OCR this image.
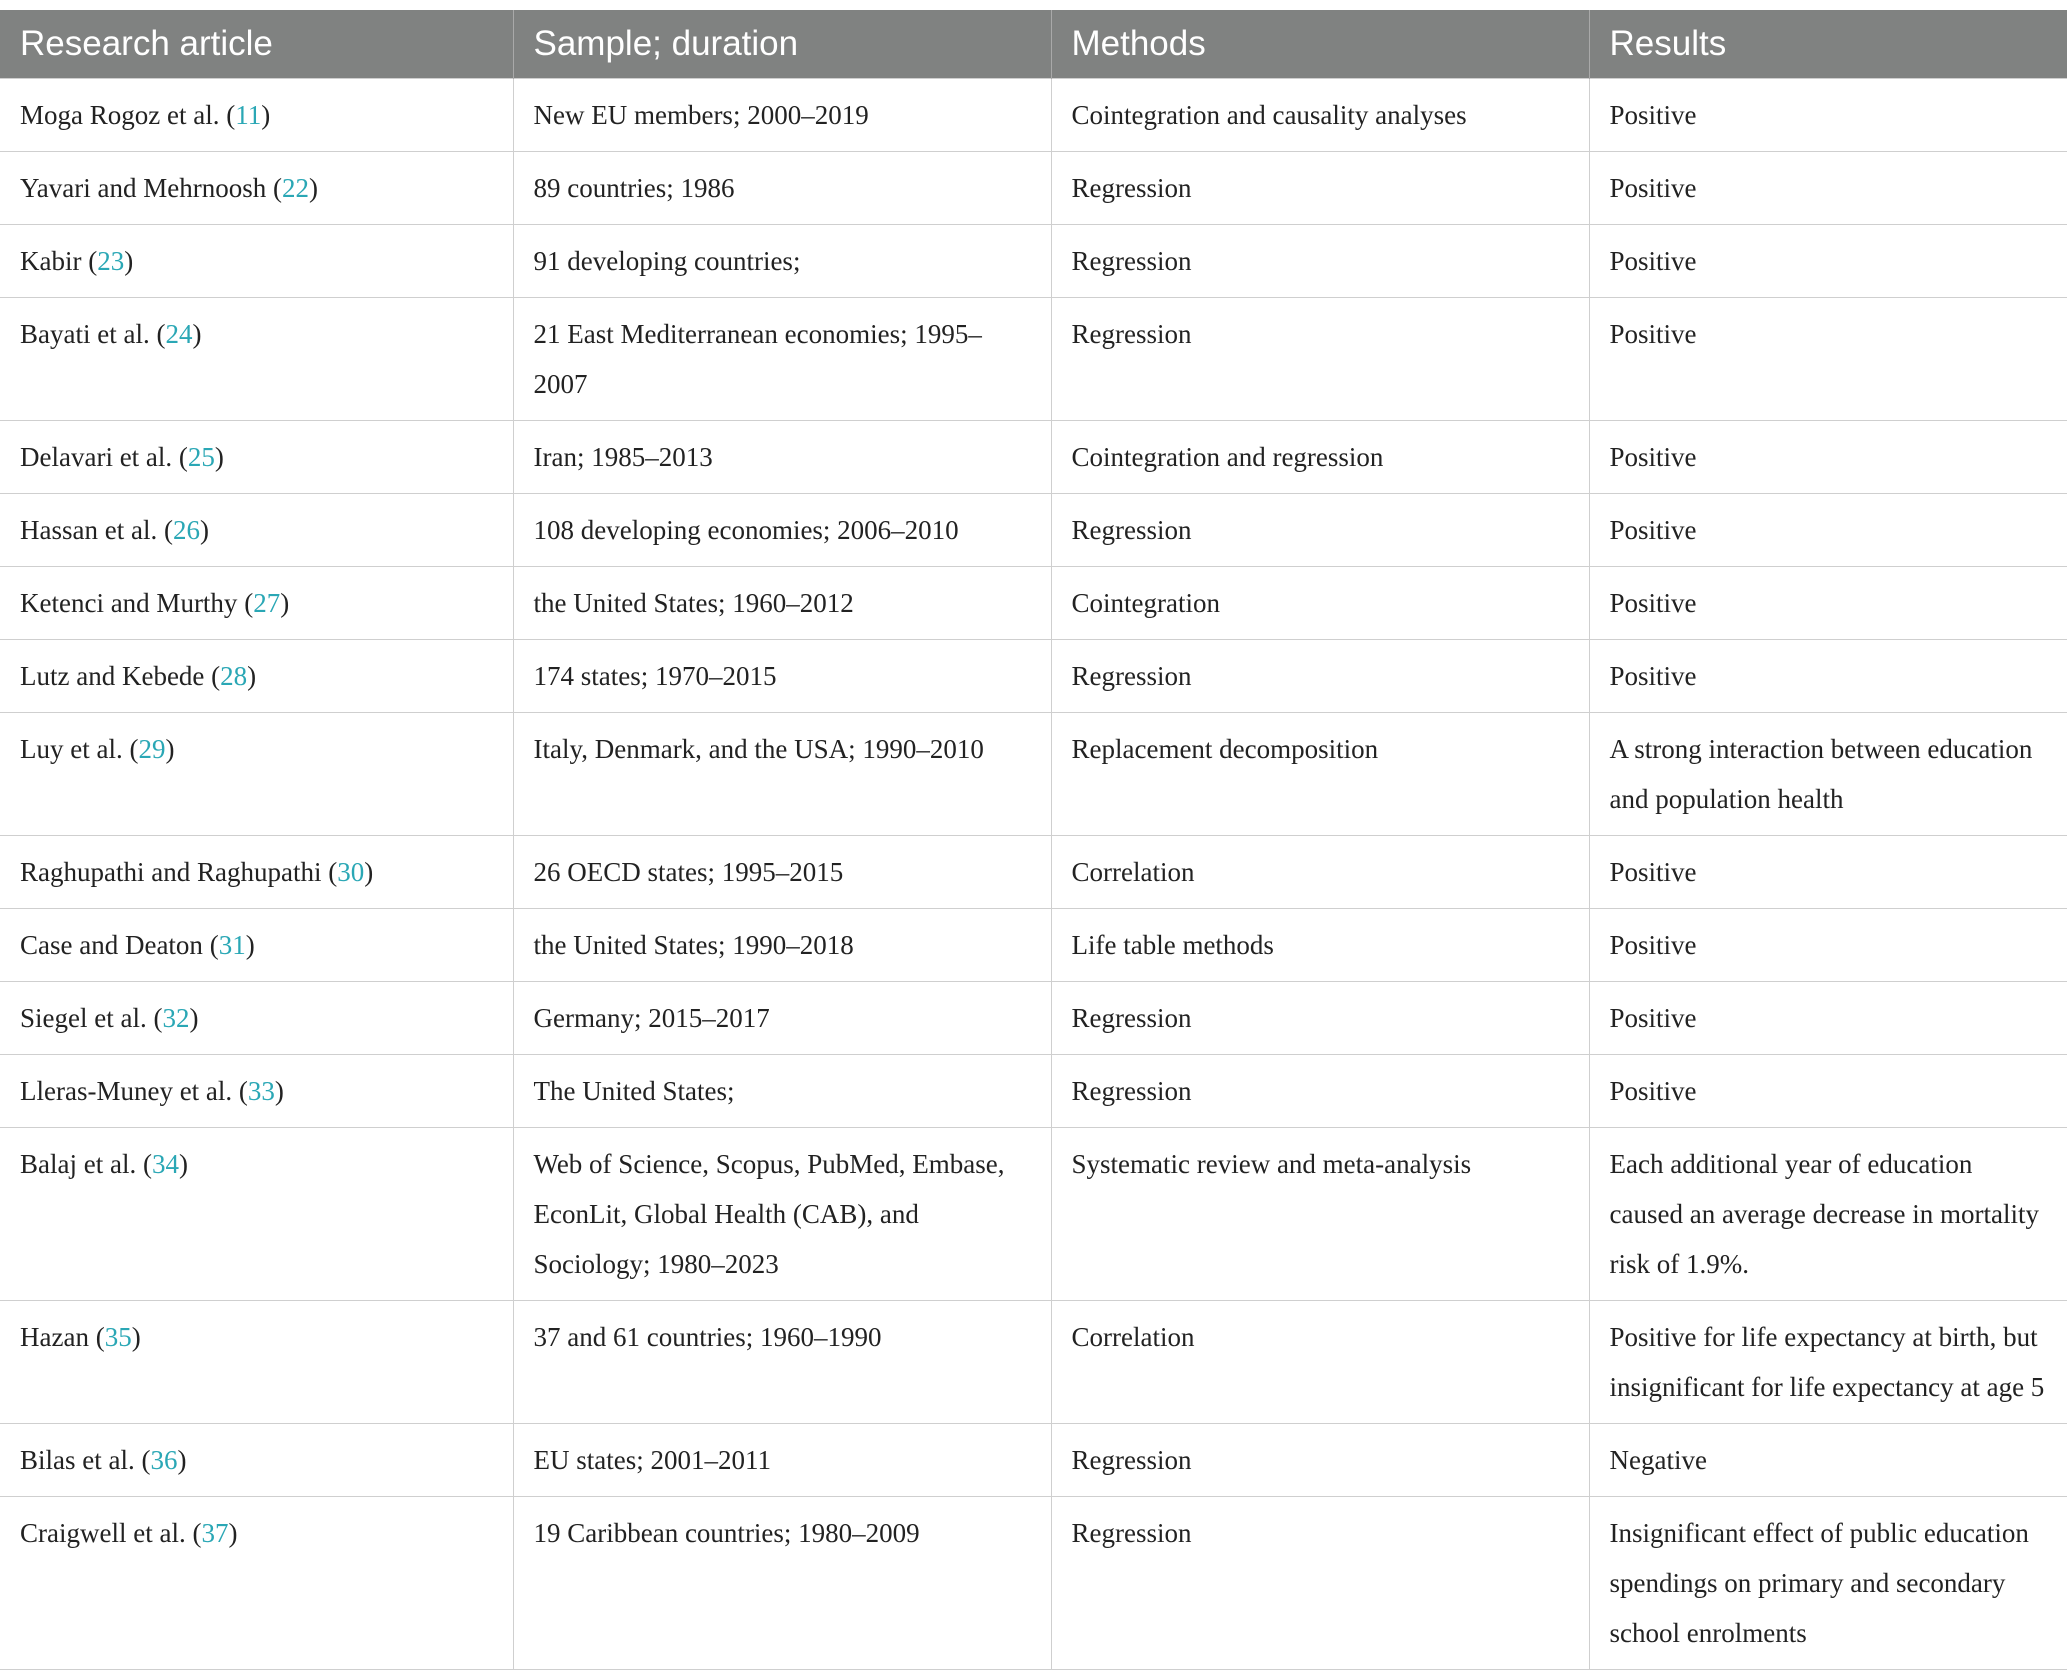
Research article	Sample; duration	Methods	Results
Moga Rogoz et al. (11)	New EU members; 2000–2019	Cointegration and causality analyses	Positive
Yavari and Mehrnoosh (22)	89 countries; 1986	Regression	Positive
Kabir (23)	91 developing countries;	Regression	Positive
Bayati et al. (24)	21 East Mediterranean economies; 1995–2007	Regression	Positive
Delavari et al. (25)	Iran; 1985–2013	Cointegration and regression	Positive
Hassan et al. (26)	108 developing economies; 2006–2010	Regression	Positive
Ketenci and Murthy (27)	the United States; 1960–2012	Cointegration	Positive
Lutz and Kebede (28)	174 states; 1970–2015	Regression	Positive
Luy et al. (29)	Italy, Denmark, and the USA; 1990–2010	Replacement decomposition	A strong interaction between education and population health
Raghupathi and Raghupathi (30)	26 OECD states; 1995–2015	Correlation	Positive
Case and Deaton (31)	the United States; 1990–2018	Life table methods	Positive
Siegel et al. (32)	Germany; 2015–2017	Regression	Positive
Lleras-Muney et al. (33)	The United States;	Regression	Positive
Balaj et al. (34)	Web of Science, Scopus, PubMed, Embase, EconLit, Global Health (CAB), and Sociology; 1980–2023	Systematic review and meta-analysis	Each additional year of education caused an average decrease in mortality risk of 1.9%.
Hazan (35)	37 and 61 countries; 1960–1990	Correlation	Positive for life expectancy at birth, but insignificant for life expectancy at age 5
Bilas et al. (36)	EU states; 2001–2011	Regression	Negative
Craigwell et al. (37)	19 Caribbean countries; 1980–2009	Regression	Insignificant effect of public education spendings on primary and secondary school enrolments
